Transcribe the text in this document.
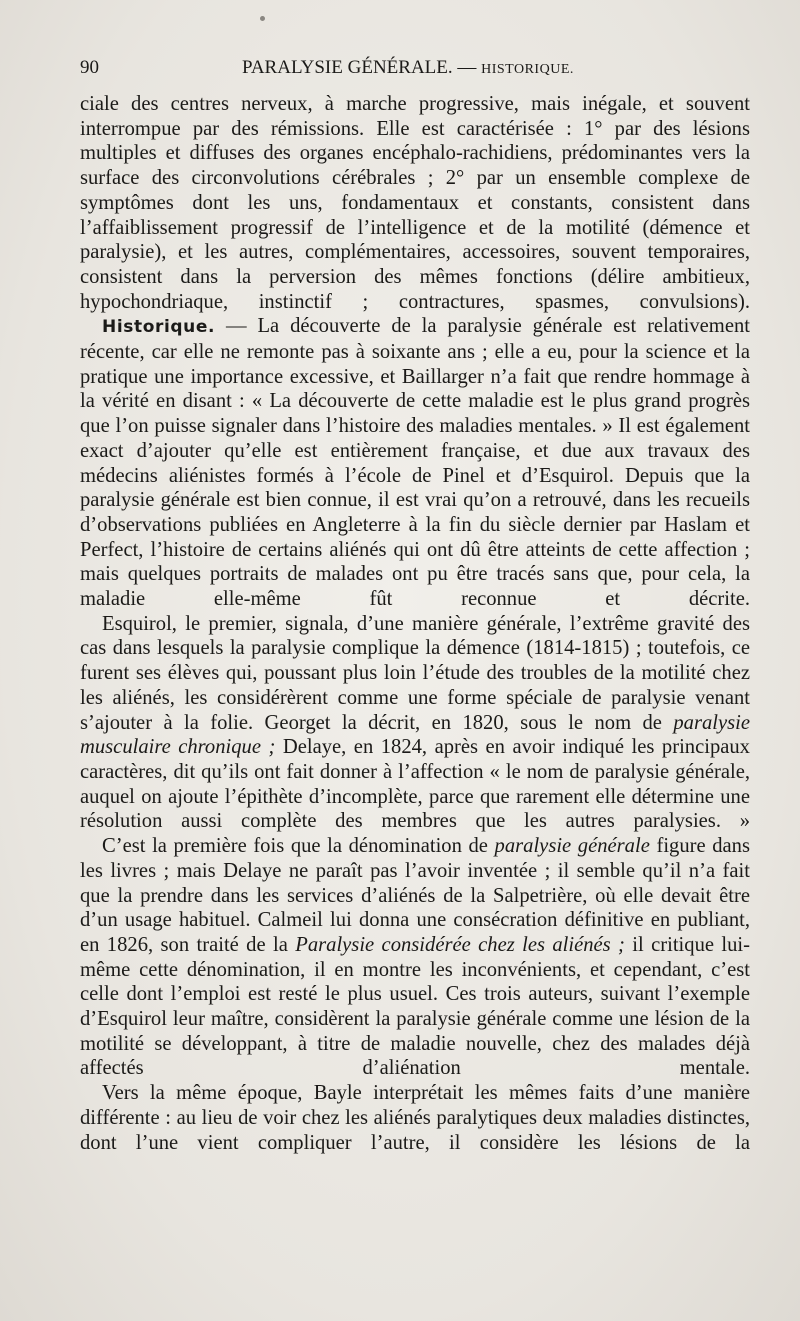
90	PARALYSIE GÉNÉRALE. — HISTORIQUE.

ciale des centres nerveux, à marche progressive, mais inégale, et souvent interrompue par des rémissions. Elle est caractérisée : 1° par des lésions multiples et diffuses des organes encéphalo-rachidiens, prédominantes vers la surface des circonvolutions cérébrales ; 2° par un ensemble complexe de symptômes dont les uns, fondamentaux et constants, consistent dans l’affaiblissement progressif de l’intelligence et de la motilité (démence et paralysie), et les autres, complémentaires, accessoires, souvent temporaires, consistent dans la perversion des mêmes fonctions (délire ambitieux, hypochondriaque, instinctif ; contractures, spasmes, convulsions).

Historique. — La découverte de la paralysie générale est relativement récente, car elle ne remonte pas à soixante ans ; elle a eu, pour la science et la pratique une importance excessive, et Baillarger n’a fait que rendre hommage à la vérité en disant : « La découverte de cette maladie est le plus grand progrès que l’on puisse signaler dans l’histoire des maladies mentales. » Il est également exact d’ajouter qu’elle est entièrement française, et due aux travaux des médecins aliénistes formés à l’école de Pinel et d’Esquirol. Depuis que la paralysie générale est bien connue, il est vrai qu’on a retrouvé, dans les recueils d’observations publiées en Angleterre à la fin du siècle dernier par Haslam et Perfect, l’histoire de certains aliénés qui ont dû être atteints de cette affection ; mais quelques portraits de malades ont pu être tracés sans que, pour cela, la maladie elle-même fût reconnue et décrite.

Esquirol, le premier, signala, d’une manière générale, l’extrême gravité des cas dans lesquels la paralysie complique la démence (1814-1815) ; toutefois, ce furent ses élèves qui, poussant plus loin l’étude des troubles de la motilité chez les aliénés, les considérèrent comme une forme spéciale de paralysie venant s’ajouter à la folie. Georget la décrit, en 1820, sous le nom de paralysie musculaire chronique ; Delaye, en 1824, après en avoir indiqué les principaux caractères, dit qu’ils ont fait donner à l’affection « le nom de paralysie générale, auquel on ajoute l’épithète d’incomplète, parce que rarement elle détermine une résolution aussi complète des membres que les autres paralysies. »

C’est la première fois que la dénomination de paralysie générale figure dans les livres ; mais Delaye ne paraît pas l’avoir inventée ; il semble qu’il n’a fait que la prendre dans les services d’aliénés de la Salpetrière, où elle devait être d’un usage habituel. Calmeil lui donna une consécration définitive en publiant, en 1826, son traité de la Paralysie considérée chez les aliénés ; il critique lui-même cette dénomination, il en montre les inconvénients, et cependant, c’est celle dont l’emploi est resté le plus usuel. Ces trois auteurs, suivant l’exemple d’Esquirol leur maître, considèrent la paralysie générale comme une lésion de la motilité se développant, à titre de maladie nouvelle, chez des malades déjà affectés d’aliénation mentale.

Vers la même époque, Bayle interprétait les mêmes faits d’une manière différente : au lieu de voir chez les aliénés paralytiques deux maladies distinctes, dont l’une vient compliquer l’autre, il considère les lésions de la
